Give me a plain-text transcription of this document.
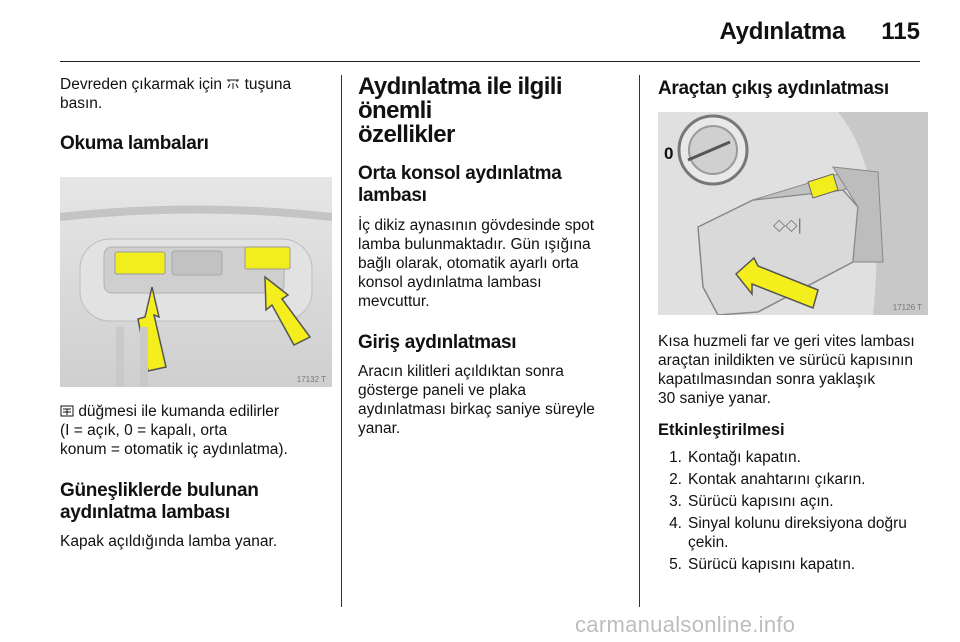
Aydınlatma 115

Devreden çıkarmak için tuşuna
basın.

Okuma lambaları
17132 T

düğmesi ile kumanda edilirler
(I = açık, 0 = kapalı, orta
konum = otomatik iç aydınlatma).

Güneşliklerde bulunan
aydınlatma lambası

Kapak açıldığında lamba yanar.

Aydınlatma ile ilgili önemli
özellikler
Orta konsol aydınlatma
lambası

İç dikiz aynasının gövdesinde spot
lamba bulunmaktadır. Gün ışığına
bağlı olarak, otomatik ayarlı orta
konsol aydınlatma lambası
mevcuttur.

Giriş aydınlatması

Aracın kilitleri açıldıktan sonra
gösterge paneli ve plaka
aydınlatması birkaç saniye süreyle
yanar.

Araçtan çıkış aydınlatması
◇◇|
0
17126 T

Kısa huzmeli far ve geri vites lambası
araçtan inildikten ve sürücü kapısının
kapatılmasından sonra yaklaşık
30 saniye yanar.

Etkinleştirilmesi
1. Kontağı kapatın.
2. Kontak anahtarını çıkarın.
3. Sürücü kapısını açın.
4. Sinyal kolunu direksiyona doğru
çekin.
5. Sürücü kapısını kapatın.
carmanualsonline.info
